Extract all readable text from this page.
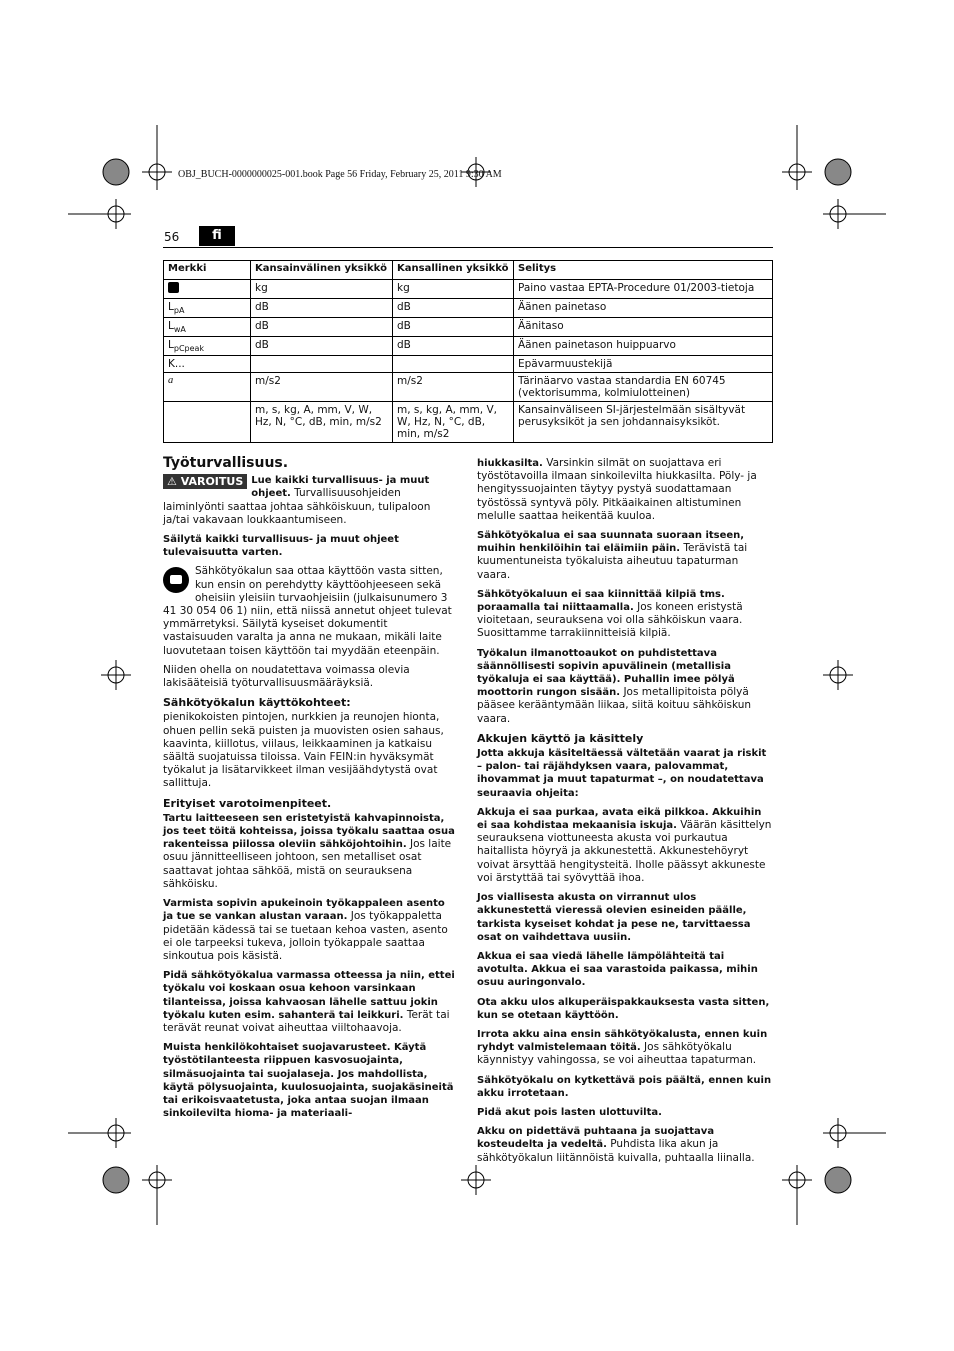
OBJ_BUCH-0000000025-001.book Page 56 Friday, February 25, 2011 9:30 AM
56	fi
Merkki	Kansainvälinen yksikkö	Kansallinen yksikkö	Selitys
	kg	kg	Paino vastaa EPTA-Procedure 01/2003-tietoja
$L_{pA}$	dB	dB	Äänen painetaso
$L_{wA}$	dB	dB	Äänitaso
$L_{pCpeak}$	dB	dB	Äänen painetason huippuarvo
K...			Epävarmuustekijä
a	m/s2	m/s2	Tärinäarvo vastaa standardia EN 60745 (vektorisumma, kolmiulotteinen)
	m, s, kg, A, mm, V, W, Hz, N, °C, dB, min, m/s2	m, s, kg, A, mm, V, W, Hz, N, °C, dB, min, m/s2	Kansainväliseen SI-järjestelmään sisältyvät perusyksiköt ja sen johdannaisyksiköt.
Työturvallisuus.

⚠ VAROITUS Lue kaikki turvallisuus- ja muut ohjeet. Turvallisuusohjeiden laiminlyönti saattaa johtaa sähköiskuun, tulipaloon ja/tai vakavaan loukkaantumiseen.

Säilytä kaikki turvallisuus- ja muut ohjeet tulevaisuutta varten.

Sähkötyökalun saa ottaa käyttöön vasta sitten, kun ensin on perehdytty käyttöohjeeseen sekä oheisiin yleisiin turvaohjeisiin (julkaisunumero 3 41 30 054 06 1) niin, että niissä annetut ohjeet tulevat ymmärretyksi. Säilytä kyseiset dokumentit vastaisuuden varalta ja anna ne mukaan, mikäli laite luovutetaan toisen käyttöön tai myydään eteenpäin.

Niiden ohella on noudatettava voimassa olevia lakisääteisiä työturvallisuusmääräyksiä.

Sähkötyökalun käyttökohteet:

pienikokoisten pintojen, nurkkien ja reunojen hionta, ohuen pellin sekä puisten ja muovisten osien sahaus, kaavinta, kiillotus, viilaus, leikkaaminen ja katkaisu säältä suojatuissa tiloissa. Vain FEIN:in hyväksymät työkalut ja lisätarvikkeet ilman vesijäähdytystä ovat sallittuja.

Erityiset varotoimenpiteet.

Tartu laitteeseen sen eristetyistä kahvapinnoista, jos teet töitä kohteissa, joissa työkalu saattaa osua rakenteissa piilossa oleviin sähköjohtoihin. Jos laite osuu jännitteelliseen johtoon, sen metalliset osat saattavat johtaa sähköä, mistä on seurauksena sähköisku.

Varmista sopivin apukeinoin työkappaleen asento ja tue se vankan alustan varaan. Jos työkappaletta pidetään kädessä tai se tuetaan kehoa vasten, asento ei ole tarpeeksi tukeva, jolloin työkappale saattaa sinkoutua pois käsistä.

Pidä sähkötyökalua varmassa otteessa ja niin, ettei työkalu voi koskaan osua kehoon varsinkaan tilanteissa, joissa kahvaosan lähelle sattuu jokin työkalu kuten esim. sahanterä tai leikkuri. Terät tai terävät reunat voivat aiheuttaa viiltohaavoja.

Muista henkilökohtaiset suojavarusteet. Käytä työstötilanteesta riippuen kasvosuojainta, silmäsuojainta tai suojalaseja. Jos mahdollista, käytä pölysuojainta, kuulosuojainta, suojakäsineitä tai erikoisvaatetusta, joka antaa suojan ilmaan sinkoilevilta hioma- ja materiaali-

hiukkasilta. Varsinkin silmät on suojattava eri työstötavoilla ilmaan sinkoilevilta hiukkasilta. Pöly- ja hengityssuojainten täytyy pystyä suodattamaan työstössä syntyvä pöly. Pitkäaikainen altistuminen melulle saattaa heikentää kuuloa.

Sähkötyökalua ei saa suunnata suoraan itseen, muihin henkilöihin tai eläimiin päin. Terävistä tai kuumentuneista työkaluista aiheutuu tapaturman vaara.

Sähkötyökaluun ei saa kiinnittää kilpiä tms. poraamalla tai niittaamalla. Jos koneen eristystä vioitetaan, seurauksena voi olla sähköiskun vaara. Suosittamme tarrakiinnitteisiä kilpiä.

Työkalun ilmanottoaukot on puhdistettava säännöllisesti sopivin apuvälinein (metallisia työkaluja ei saa käyttää). Puhallin imee pölyä moottorin rungon sisään. Jos metallipitoista pölyä pääsee kerääntymään liikaa, siitä koituu sähköiskun vaara.

Akkujen käyttö ja käsittely

Jotta akkuja käsiteltäessä vältetään vaarat ja riskit – palon- tai räjähdyksen vaara, palovammat, ihovammat ja muut tapaturmat –, on noudatettava seuraavia ohjeita:

Akkuja ei saa purkaa, avata eikä pilkkoa. Akkuihin ei saa kohdistaa mekaanisia iskuja. Väärän käsittelyn seurauksena viottuneesta akusta voi purkautua haitallista höyryä ja akkunestettä. Akkunestehöyryt voivat ärsyttää hengitysteitä. Iholle päässyt akkuneste voi ärstyttää tai syövyttää ihoa.

Jos viallisesta akusta on virrannut ulos akkunestettä vieressä olevien esineiden päälle, tarkista kyseiset kohdat ja pese ne, tarvittaessa osat on vaihdettava uusiin.

Akkua ei saa viedä lähelle lämpölähteitä tai avotulta. Akkua ei saa varastoida paikassa, mihin osuu auringonvalo.

Ota akku ulos alkuperäispakkauksesta vasta sitten, kun se otetaan käyttöön.

Irrota akku aina ensin sähkötyökalusta, ennen kuin ryhdyt valmistelemaan töitä. Jos sähkötyökalu käynnistyy vahingossa, se voi aiheuttaa tapaturman.

Sähkötyökalu on kytkettävä pois päältä, ennen kuin akku irrotetaan.

Pidä akut pois lasten ulottuvilta.

Akku on pidettävä puhtaana ja suojattava kosteudelta ja vedeltä. Puhdista lika akun ja sähkötyökalun liitännöistä kuivalla, puhtaalla liinalla.
